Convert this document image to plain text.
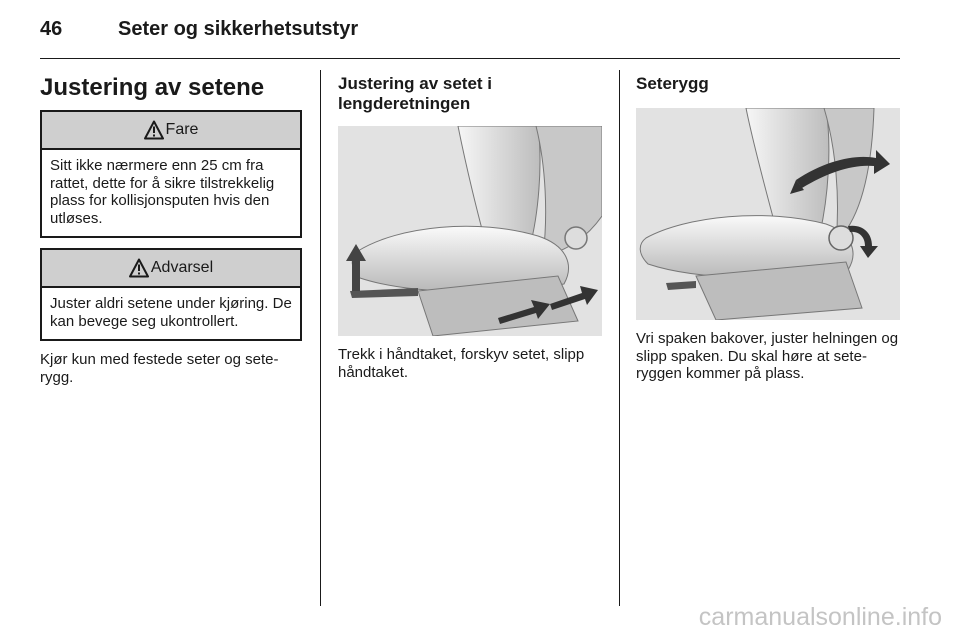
46	Seter og sikkerhetsutstyr
Justering av setene
Fare
Sitt ikke nærmere enn 25 cm fra rattet, dette for å sikre tilstrekkelig plass for kollisjonsputen hvis den utløses.
Advarsel
Juster aldri setene under kjøring. De kan bevege seg ukontrollert.

Kjør kun med festede seter og sete-rygg.

Justering av setet i lengderetningen

Trekk i håndtaket, forskyv setet, slipp håndtaket.

Seterygg

Vri spaken bakover, juster helningen og slipp spaken. Du skal høre at sete-ryggen kommer på plass.

carmanualsonline.info
